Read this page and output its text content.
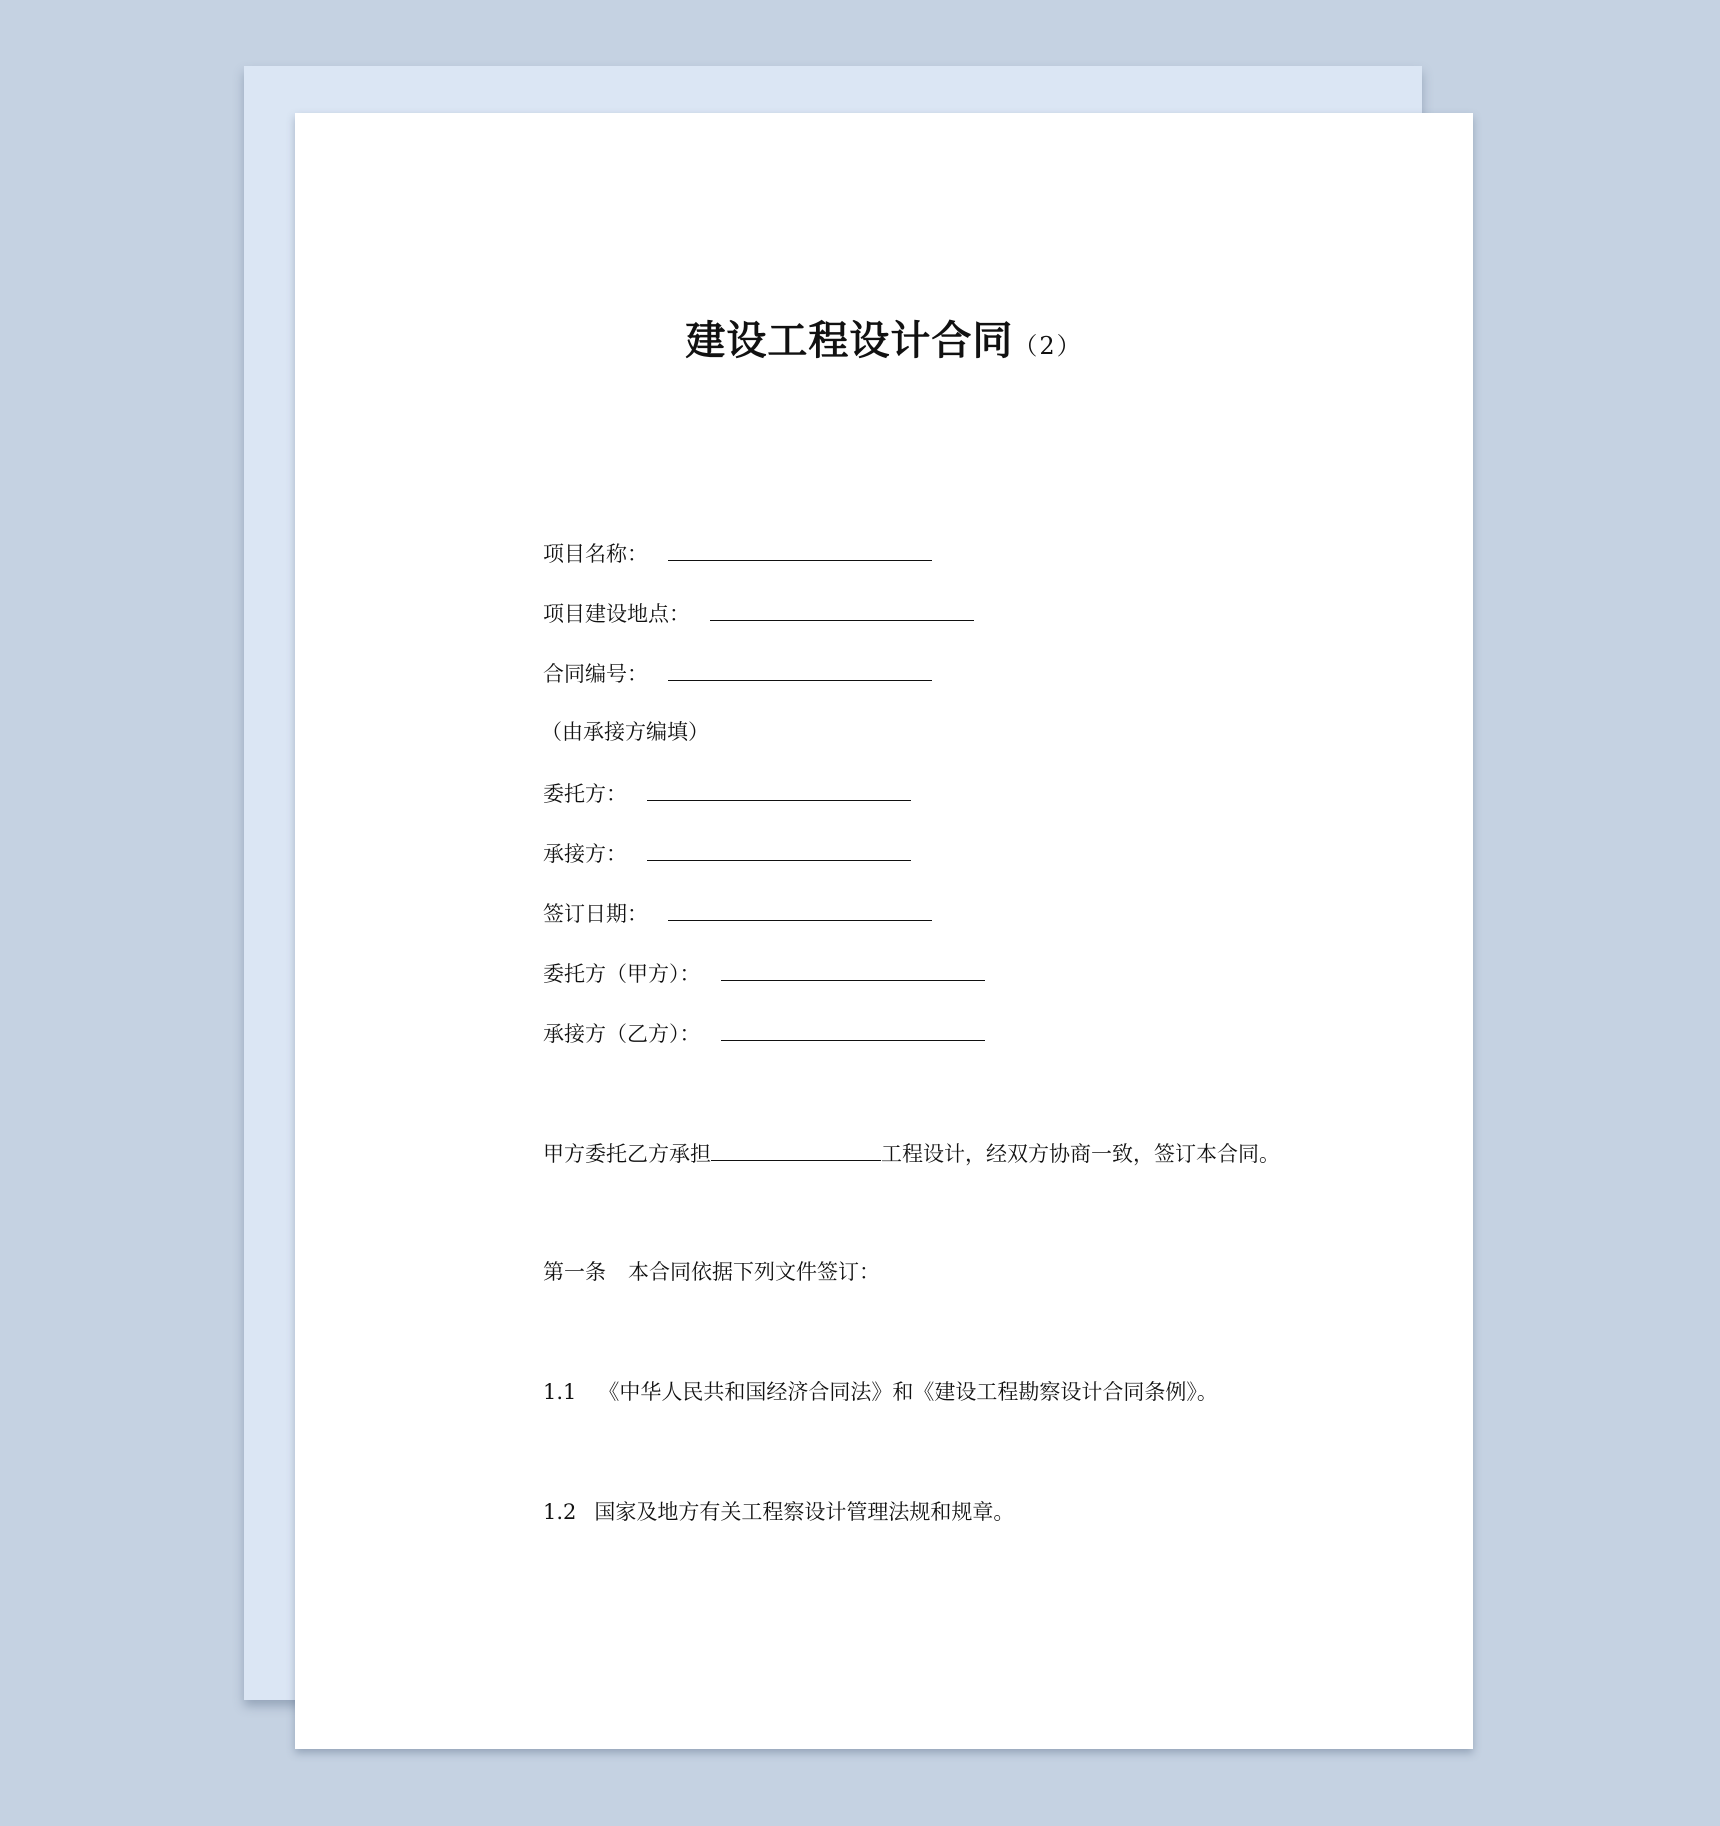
建设工程设计合同（2）
项目名称：
项目建设地点：
合同编号：
（由承接方编填）
委托方：
承接方：
签订日期：
委托方（甲方）：
承接方（乙方）：
甲方委托乙方承担	工程设计，经双方协商一致，签订本合同。
第一条 本合同依据下列文件签订：
1.1 《中华人民共和国经济合同法》和《建设工程勘察设计合同条例》。
1.2 国家及地方有关工程察设计管理法规和规章。
